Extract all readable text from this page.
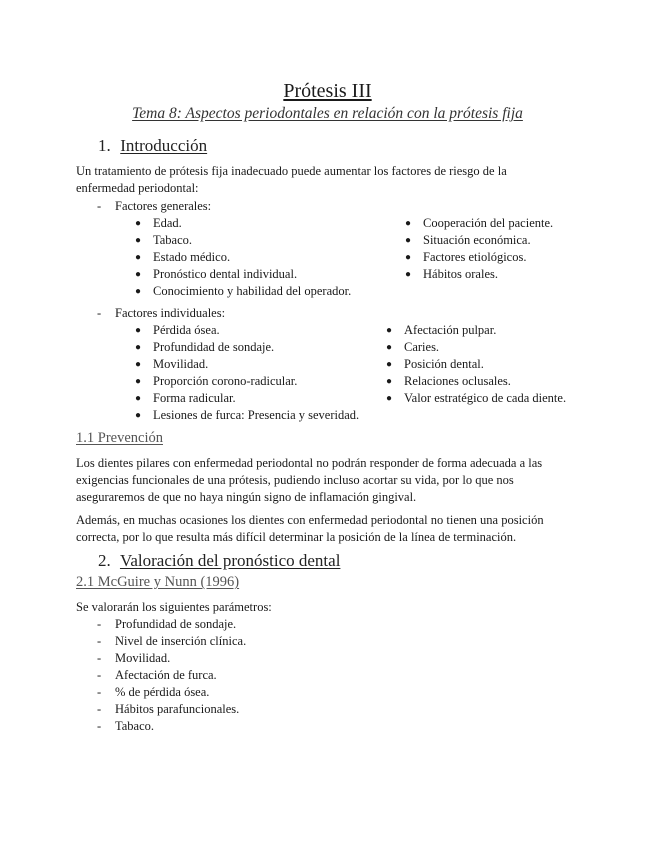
Prótesis III
Tema 8: Aspectos periodontales en relación con la prótesis fija
1. Introducción
Un tratamiento de prótesis fija inadecuado puede aumentar los factores de riesgo de la
enfermedad periodontal:
- Factores generales:
● Edad.
● Tabaco.
● Estado médico.
● Pronóstico dental individual.
● Conocimiento y habilidad del operador.
● Cooperación del paciente.
● Situación económica.
● Factores etiológicos.
● Hábitos orales.
- Factores individuales:
● Pérdida ósea.
● Profundidad de sondaje.
● Movilidad.
● Proporción corono-radicular.
● Forma radicular.
● Lesiones de furca: Presencia y severidad.
● Afectación pulpar.
● Caries.
● Posición dental.
● Relaciones oclusales.
● Valor estratégico de cada diente.
1.1 Prevención
Los dientes pilares con enfermedad periodontal no podrán responder de forma adecuada a las
exigencias funcionales de una prótesis, pudiendo incluso acortar su vida, por lo que nos
aseguraremos de que no haya ningún signo de inflamación gingival.
Además, en muchas ocasiones los dientes con enfermedad periodontal no tienen una posición
correcta, por lo que resulta más difícil determinar la posición de la línea de terminación.
2. Valoración del pronóstico dental
2.1 McGuire y Nunn (1996)
Se valorarán los siguientes parámetros:
- Profundidad de sondaje.
- Nivel de inserción clínica.
- Movilidad.
- Afectación de furca.
- % de pérdida ósea.
- Hábitos parafuncionales.
- Tabaco.
